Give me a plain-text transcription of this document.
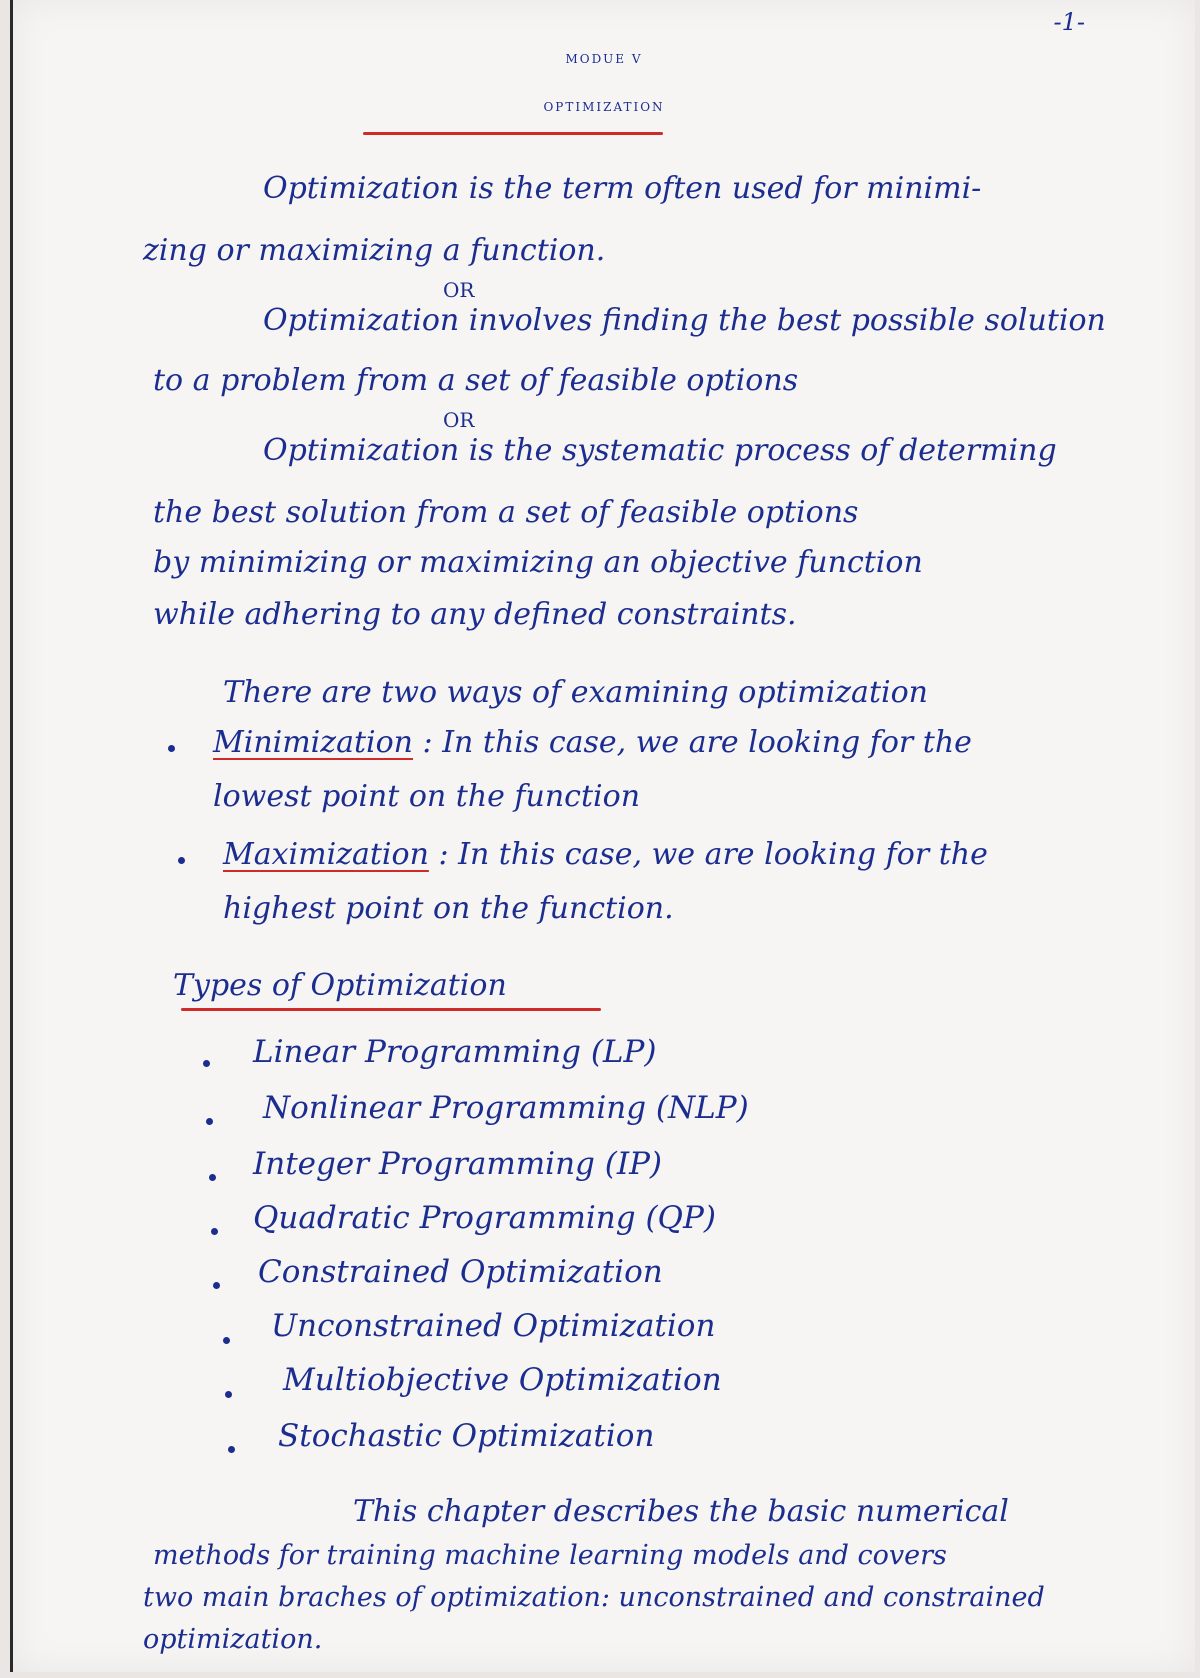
-1-
MODUE V
OPTIMIZATION
Optimization is the term often used for minimi-
zing or maximizing a function.
OR
Optimization involves finding the best possible solution
to a problem from a set of feasible options
OR
Optimization is the systematic process of determing
the best solution from a set of feasible options
by minimizing or maximizing an objective function
while adhering to any defined constraints.
There are two ways of examining optimization
Minimization : In this case, we are looking for the
lowest point on the function
Maximization : In this case, we are looking for the
highest point on the function.
Types of Optimization
Linear Programming (LP)
Nonlinear Programming (NLP)
Integer Programming (IP)
Quadratic Programming (QP)
Constrained Optimization
Unconstrained Optimization
Multiobjective Optimization
Stochastic Optimization
This chapter describes the basic numerical
methods for training machine learning models and covers
two main braches of optimization: unconstrained and constrained
optimization.
